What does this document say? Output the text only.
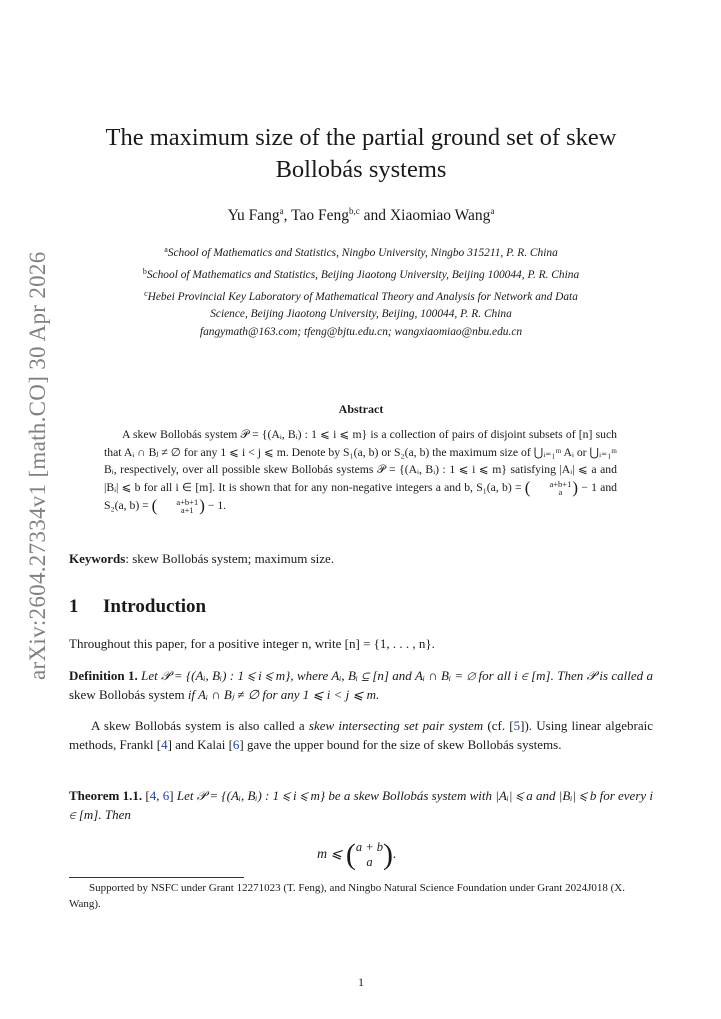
arXiv:2604.27334v1 [math.CO] 30 Apr 2026
The maximum size of the partial ground set of skew
Bollobás systems
Yu Fang$^a$, Tao Feng$^{b,c}$ and Xiaomiao Wang$^a$
$^a$School of Mathematics and Statistics, Ningbo University, Ningbo 315211, P. R. China
$^b$School of Mathematics and Statistics, Beijing Jiaotong University, Beijing 100044, P. R. China
$^c$Hebei Provincial Key Laboratory of Mathematical Theory and Analysis for Network and Data
Science, Beijing Jiaotong University, Beijing, 100044, P. R. China
fangymath@163.com; tfeng@bjtu.edu.cn; wangxiaomiao@nbu.edu.cn
Abstract
A skew Bollobás system 𝒫 = {(Aᵢ, Bᵢ) : 1 ⩽ i ⩽ m} is a collection of pairs of disjoint subsets of [n] such that Aᵢ ∩ Bⱼ ≠ ∅ for any 1 ⩽ i < j ⩽ m. Denote by S₁(a, b) or S₂(a, b) the maximum size of ⋃ᵢ₌₁ᵐ Aᵢ or ⋃ᵢ₌₁ᵐ Bᵢ, respectively, over all possible skew Bollobás systems 𝒫 = {(Aᵢ, Bᵢ) : 1 ⩽ i ⩽ m} satisfying |Aᵢ| ⩽ a and |Bᵢ| ⩽ b for all i ∈ [m]. It is shown that for any non-negative integers a and b, S₁(a, b) = (	a+b+1
a ) − 1 and S₂(a, b) = (	a+b+1
a+1 ) − 1.
Keywords: skew Bollobás system; maximum size.
1 Introduction
Throughout this paper, for a positive integer n, write [n] = {1, . . . , n}.
Definition 1. Let 𝒫 = {(Aᵢ, Bᵢ) : 1 ⩽ i ⩽ m}, where Aᵢ, Bᵢ ⊆ [n] and Aᵢ ∩ Bᵢ = ∅ for all i ∈ [m]. Then 𝒫 is called a skew Bollobás system if Aᵢ ∩ Bⱼ ≠ ∅ for any 1 ⩽ i < j ⩽ m.
A skew Bollobás system is also called a skew intersecting set pair system (cf. [5]). Using linear algebraic methods, Frankl [4] and Kalai [6] gave the upper bound for the size of skew Bollobás systems.
Theorem 1.1. [4, 6] Let 𝒫 = {(Aᵢ, Bᵢ) : 1 ⩽ i ⩽ m} be a skew Bollobás system with |Aᵢ| ⩽ a and |Bᵢ| ⩽ b for every i ∈ [m]. Then
m ⩽ ( a + b
a ).
Supported by NSFC under Grant 12271023 (T. Feng), and Ningbo Natural Science Foundation under Grant 2024J018 (X. Wang).
1
